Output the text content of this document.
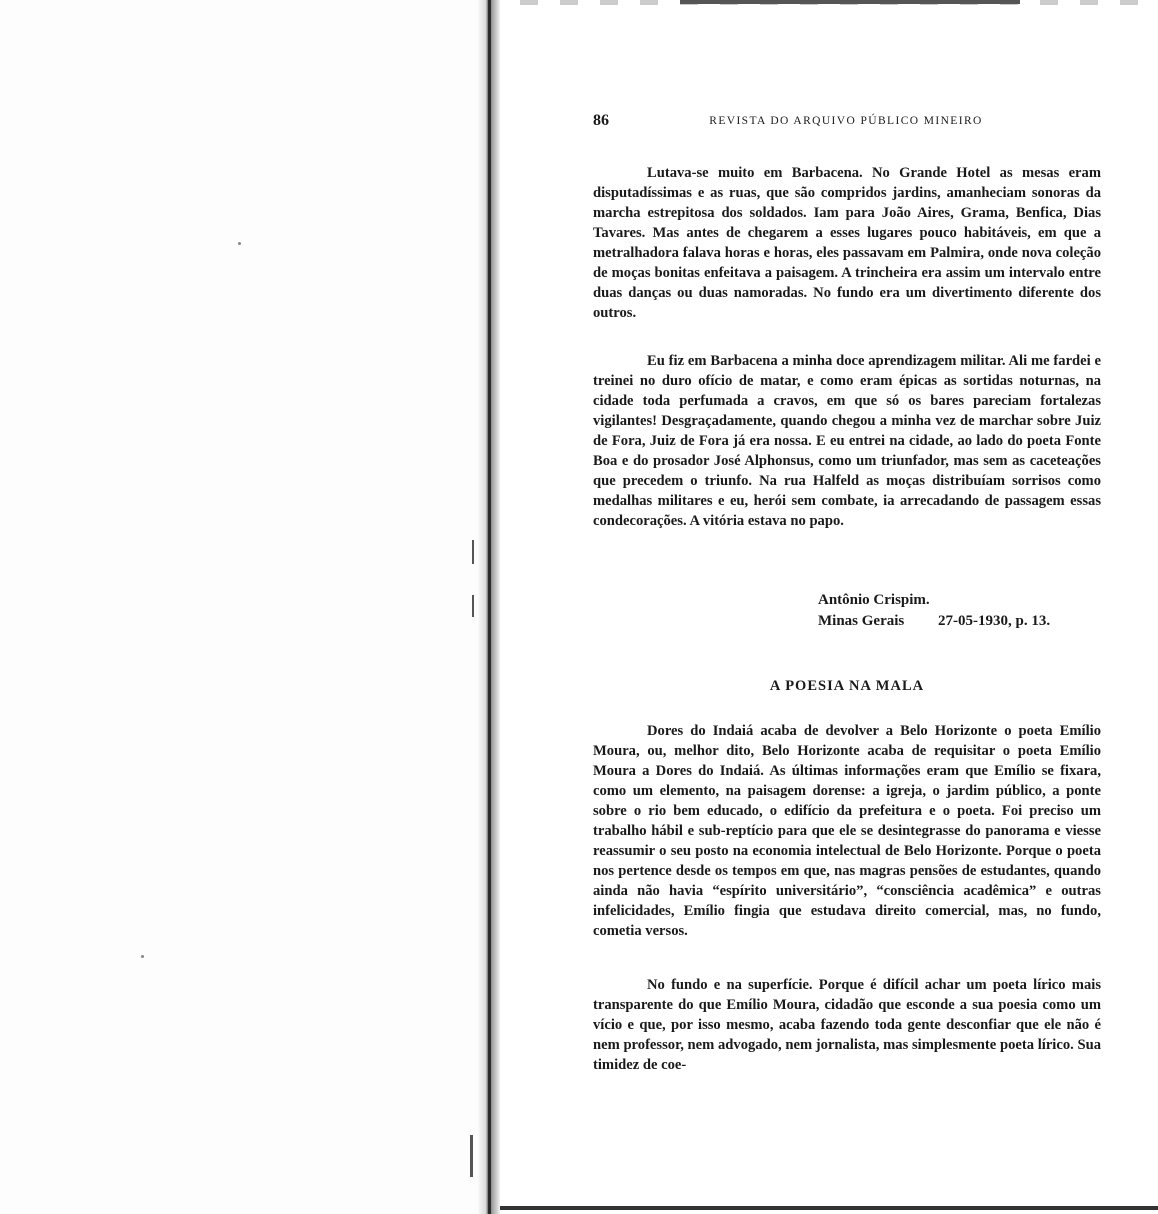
86	REVISTA DO ARQUIVO PÚBLICO MINEIRO

Lutava-se muito em Barbacena. No Grande Hotel as mesas eram disputadíssimas e as ruas, que são compridos jardins, amanheciam sonoras da marcha estrepitosa dos soldados. Iam para João Aires, Grama, Benfica, Dias Tavares. Mas antes de chegarem a esses lugares pouco habitáveis, em que a metralhadora falava horas e horas, eles passavam em Palmira, onde nova coleção de moças bonitas enfeitava a paisagem. A trincheira era assim um intervalo entre duas danças ou duas namoradas. No fundo era um divertimento diferente dos outros.

Eu fiz em Barbacena a minha doce aprendizagem militar. Ali me fardei e treinei no duro ofício de matar, e como eram épicas as sortidas noturnas, na cidade toda perfumada a cravos, em que só os bares pareciam fortalezas vigilantes! Desgraçadamente, quando chegou a minha vez de marchar sobre Juiz de Fora, Juiz de Fora já era nossa. E eu entrei na cidade, ao lado do poeta Fonte Boa e do prosador José Alphonsus, como um triunfador, mas sem as caceteações que precedem o triunfo. Na rua Halfeld as moças distribuíam sorrisos como medalhas militares e eu, herói sem combate, ia arrecadando de passagem essas condecorações. A vitória estava no papo.

Antônio Crispim.
Minas Gerais 27-05-1930, p. 13.
A POESIA NA MALA

Dores do Indaiá acaba de devolver a Belo Horizonte o poeta Emílio Moura, ou, melhor dito, Belo Horizonte acaba de requisitar o poeta Emílio Moura a Dores do Indaiá. As últimas informações eram que Emílio se fixara, como um elemento, na paisagem dorense: a igreja, o jardim público, a ponte sobre o rio bem educado, o edifício da prefeitura e o poeta. Foi preciso um trabalho hábil e sub-reptício para que ele se desintegrasse do panorama e viesse reassumir o seu posto na economia intelectual de Belo Horizonte. Porque o poeta nos pertence desde os tempos em que, nas magras pensões de estudantes, quando ainda não havia “espírito universitário”, “consciência acadêmica” e outras infelicidades, Emílio fingia que estudava direito comercial, mas, no fundo, cometia versos.

No fundo e na superfície. Porque é difícil achar um poeta lírico mais transparente do que Emílio Moura, cidadão que esconde a sua poesia como um vício e que, por isso mesmo, acaba fazendo toda gente desconfiar que ele não é nem professor, nem advogado, nem jornalista, mas simplesmente poeta lírico. Sua timidez de coe-
